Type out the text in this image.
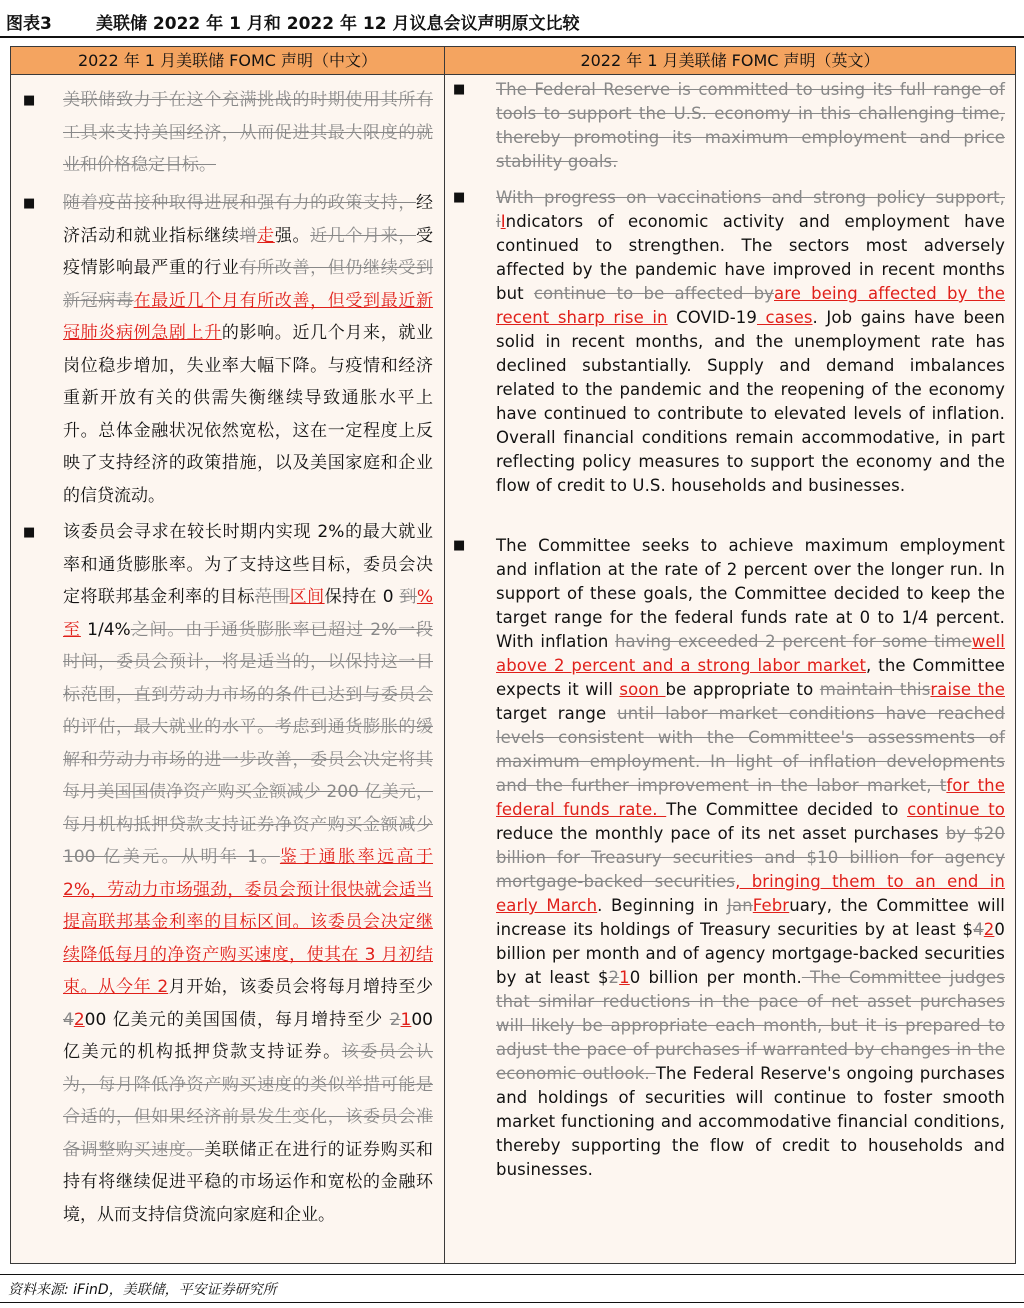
图表3	美联储 2022 年 1 月和 2022 年 12 月议息会议声明原文比较
2022 年 1 月美联储 FOMC 声明（中文）	2022 年 1 月美联储 FOMC 声明（英文）
■ 美联储致力于在这个充满挑战的时期使用其所有工具来支持美国经济，从而促进其最大限度的就业和价格稳定目标。
■ 随着疫苗接种取得进展和强有力的政策支持，经济活动和就业指标继续增走强。近几个月来，受疫情影响最严重的行业有所改善，但仍继续受到新冠病毒在最近几个月有所改善，但受到最近新冠肺炎病例急剧上升的影响。近几个月来，就业岗位稳步增加，失业率大幅下降。与疫情和经济重新开放有关的供需失衡继续导致通胀水平上升。总体金融状况依然宽松，这在一定程度上反映了支持经济的政策措施，以及美国家庭和企业的信贷流动。
■ 该委员会寻求在较长时期内实现 2%的最大就业率和通货膨胀率。为了支持这些目标，委员会决定将联邦基金利率的目标范围区间保持在 0 到%至 1/4%之间。由于通货膨胀率已超过 2%一段时间，委员会预计，将是适当的，以保持这一目标范围，直到劳动力市场的条件已达到与委员会的评估，最大就业的水平。考虑到通货膨胀的缓解和劳动力市场的进一步改善，委员会决定将其每月美国国债净资产购买金额减少 200 亿美元，每月机构抵押贷款支持证券净资产购买金额减少 100 亿美元。从明年 1。鉴于通胀率远高于 2%，劳动力市场强劲，委员会预计很快就会适当提高联邦基金利率的目标区间。该委员会决定继续降低每月的净资产购买速度，使其在 3 月初结束。从今年 2月开始，该委员会将每月增持至少 4200 亿美元的美国国债，每月增持至少 2100 亿美元的机构抵押贷款支持证券。该委员会认为，每月降低净资产购买速度的类似举措可能是合适的，但如果经济前景发生变化，该委员会准备调整购买速度。美联储正在进行的证券购买和持有将继续促进平稳的市场运作和宽松的金融环境，从而支持信贷流向家庭和企业。
■ The Federal Reserve is committed to using its full range of tools to support the U.S. economy in this challenging time, thereby promoting its maximum employment and price stability goals.
■ With progress on vaccinations and strong policy support, iIndicators of economic activity and employment have continued to strengthen. The sectors most adversely affected by the pandemic have improved in recent months but continue to be affected byare being affected by the recent sharp rise in COVID-19 cases. Job gains have been solid in recent months, and the unemployment rate has declined substantially. Supply and demand imbalances related to the pandemic and the reopening of the economy have continued to contribute to elevated levels of inflation. Overall financial conditions remain accommodative, in part reflecting policy measures to support the economy and the flow of credit to U.S. households and businesses.
■ The Committee seeks to achieve maximum employment and inflation at the rate of 2 percent over the longer run. In support of these goals, the Committee decided to keep the target range for the federal funds rate at 0 to 1/4 percent. With inflation having exceeded 2 percent for some timewell above 2 percent and a strong labor market, the Committee expects it will soon be appropriate to maintain thisraise the target range until labor market conditions have reached levels consistent with the Committee's assessments of maximum employment. In light of inflation developments and the further improvement in the labor market, tfor the federal funds rate. The Committee decided to continue to reduce the monthly pace of its net asset purchases by $20 billion for Treasury securities and $10 billion for agency mortgage-backed securities, bringing them to an end in early March. Beginning in JanFebruary, the Committee will increase its holdings of Treasury securities by at least $420 billion per month and of agency mortgage-backed securities by at least $210 billion per month. The Committee judges that similar reductions in the pace of net asset purchases will likely be appropriate each month, but it is prepared to adjust the pace of purchases if warranted by changes in the economic outlook. The Federal Reserve's ongoing purchases and holdings of securities will continue to foster smooth market functioning and accommodative financial conditions, thereby supporting the flow of credit to households and businesses.
资料来源: iFinD，美联储，平安证券研究所
